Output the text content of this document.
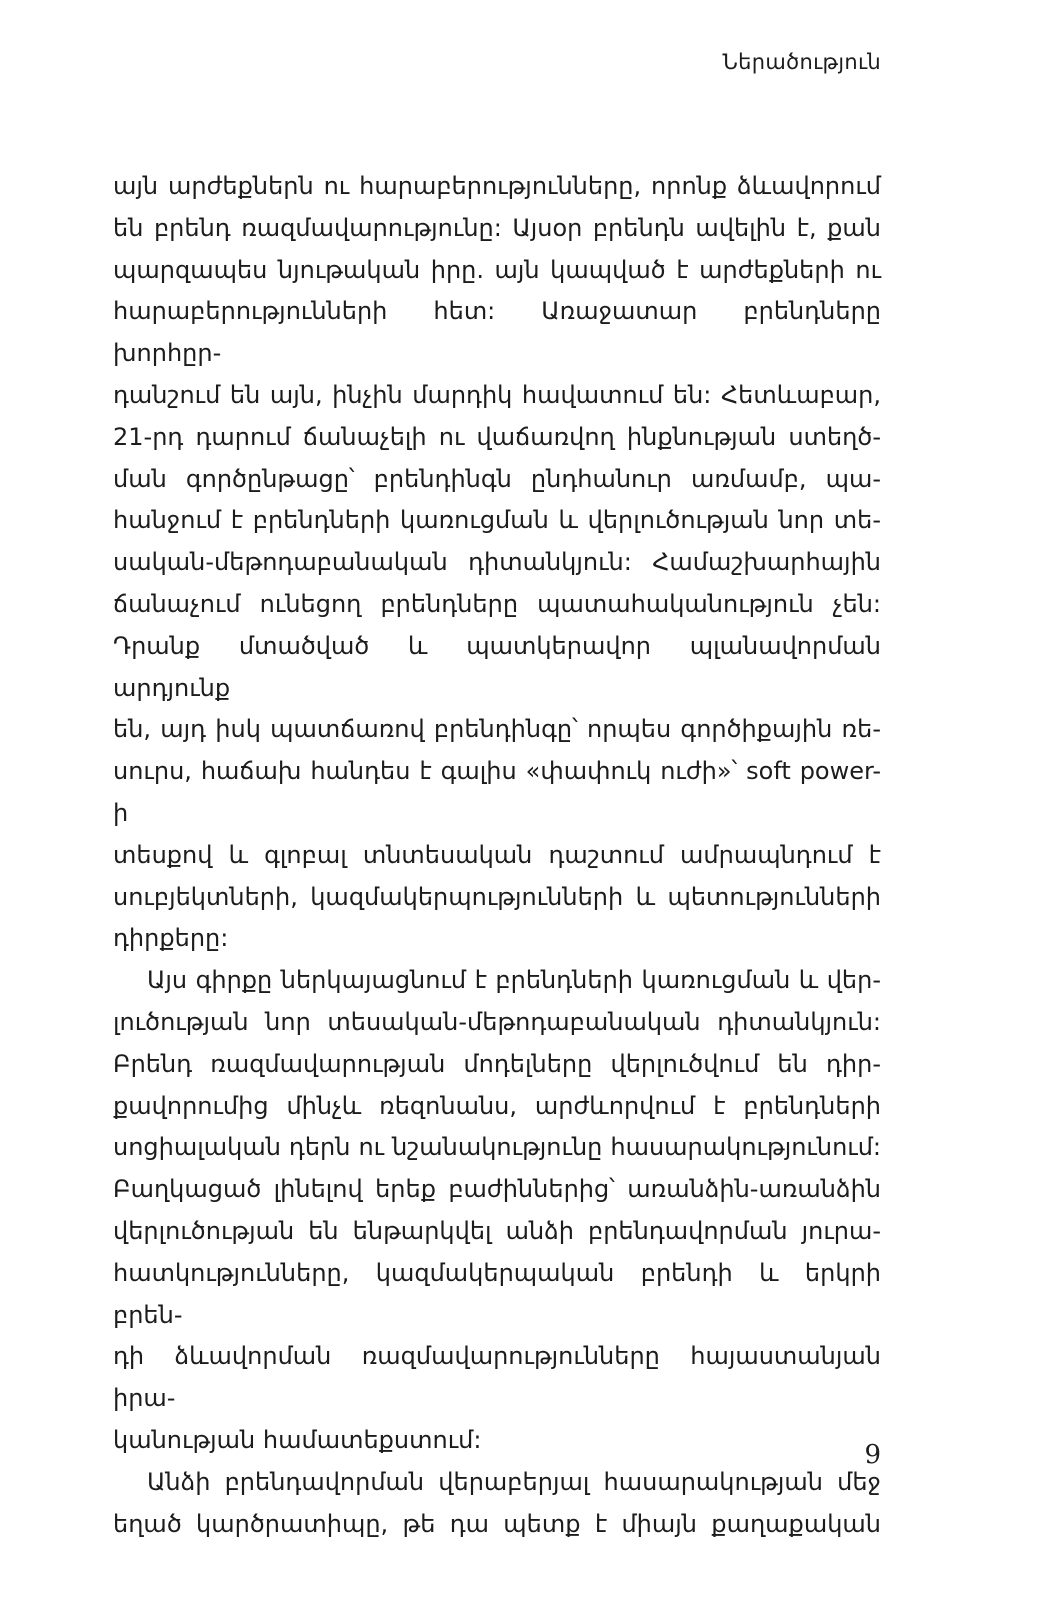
Ներածություն
այն արժեքներն ու հարաբերությունները, որոնք ձևավորում
են բրենդ ռազմավարությունը: Այսօր բրենդն ավելին է, քան
պարզապես նյութական իրը. այն կապված է արժեքների ու
հարաբերությունների հետ: Առաջատար բրենդները խորհըր-
դանշում են այն, ինչին մարդիկ հավատում են: Հետևաբար,
21-րդ դարում ճանաչելի ու վաճառվող ինքնության ստեղծ-
ման գործընթացը՝ բրենդինգն ընդհանուր առմամբ, պա-
հանջում է բրենդների կառուցման և վերլուծության նոր տե-
սական-մեթոդաբանական դիտանկյուն: Համաշխարհային
ճանաչում ունեցող բրենդները պատահականություն չեն:
Դրանք մտածված և պատկերավոր պլանավորման արդյունք
են, այդ իսկ պատճառով բրենդինգը՝ որպես գործիքային ռե-
սուրս, հաճախ հանդես է գալիս «փափուկ ուժի»՝ soft power-ի
տեսքով և գլոբալ տնտեսական դաշտում ամրապնդում է
սուբյեկտների, կազմակերպությունների և պետությունների
դիրքերը:
Այս գիրքը ներկայացնում է բրենդների կառուցման և վեր-
լուծության նոր տեսական-մեթոդաբանական դիտանկյուն:
Բրենդ ռազմավարության մոդելները վերլուծվում են դիր-
քավորումից մինչև ռեզոնանս, արժևորվում է բրենդների
սոցիալական դերն ու նշանակությունը հասարակությունում:
Բաղկացած լինելով երեք բաժիններից՝ առանձին-առանձին
վերլուծության են ենթարկվել անձի բրենդավորման յուրա-
հատկությունները, կազմակերպական բրենդի և երկրի բրեն-
դի ձևավորման ռազմավարությունները հայաստանյան իրա-
կանության համատեքստում:
Անձի բրենդավորման վերաբերյալ հասարակության մեջ
եղած կարծրատիպը, թե դա պետք է միայն քաղաքական
9
